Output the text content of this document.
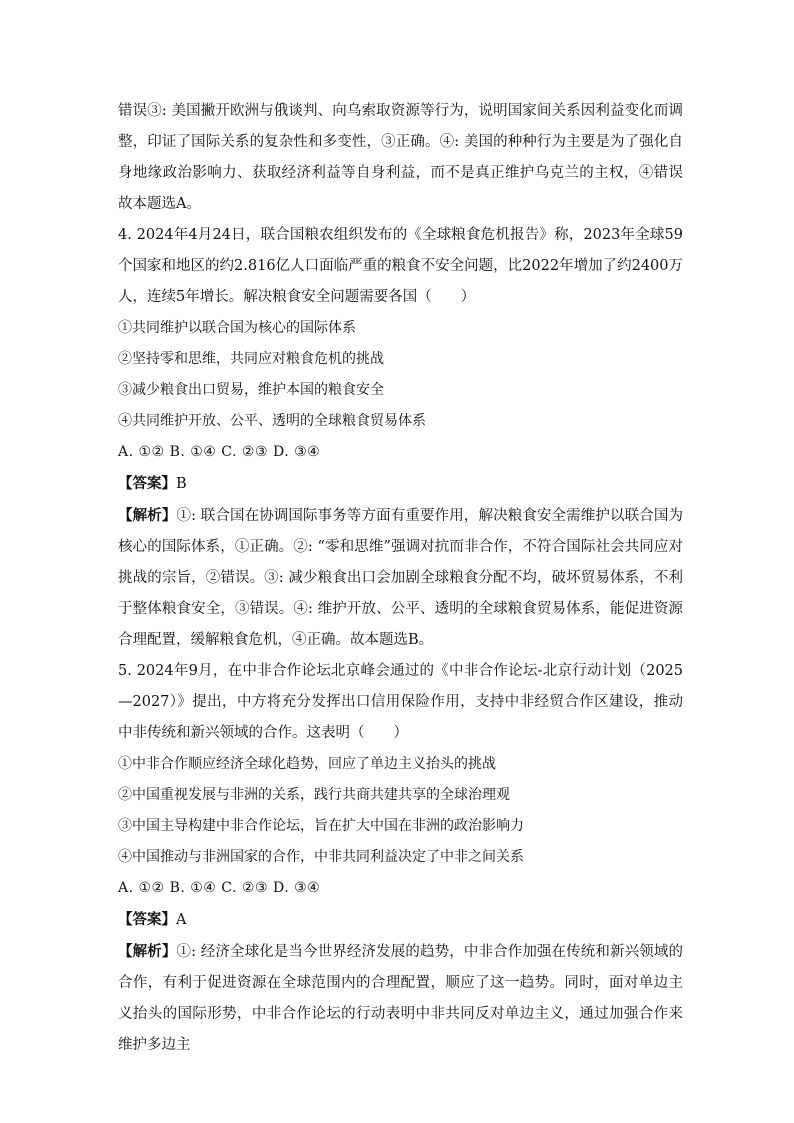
错误③: 美国撇开欧洲与俄谈判、向乌索取资源等行为，说明国家间关系因利益变化而调整，印证了国际关系的复杂性和多变性，③正确。④: 美国的种种行为主要是为了强化自身地缘政治影响力、获取经济利益等自身利益，而不是真正维护乌克兰的主权，④错误故本题选A。

4. 2024年4月24日，联合国粮农组织发布的《全球粮食危机报告》称，2023年全球59个国家和地区的约2.816亿人口面临严重的粮食不安全问题，比2022年增加了约2400万人，连续5年增长。解决粮食安全问题需要各国（　　）

①共同维护以联合国为核心的国际体系

②坚持零和思维，共同应对粮食危机的挑战

③减少粮食出口贸易，维护本国的粮食安全

④共同维护开放、公平、透明的全球粮食贸易体系

A. ①② B. ①④ C. ②③ D. ③④

【答案】B

【解析】①: 联合国在协调国际事务等方面有重要作用，解决粮食安全需维护以联合国为核心的国际体系，①正确。②: “零和思维”强调对抗而非合作，不符合国际社会共同应对挑战的宗旨，②错误。③: 减少粮食出口会加剧全球粮食分配不均，破坏贸易体系，不利于整体粮食安全，③错误。④: 维护开放、公平、透明的全球粮食贸易体系，能促进资源合理配置，缓解粮食危机，④正确。故本题选B。

5. 2024年9月，在中非合作论坛北京峰会通过的《中非合作论坛-北京行动计划（2025—2027）》提出，中方将充分发挥出口信用保险作用，支持中非经贸合作区建设，推动中非传统和新兴领域的合作。这表明（　　）

①中非合作顺应经济全球化趋势，回应了单边主义抬头的挑战

②中国重视发展与非洲的关系，践行共商共建共享的全球治理观

③中国主导构建中非合作论坛，旨在扩大中国在非洲的政治影响力

④中国推动与非洲国家的合作，中非共同利益决定了中非之间关系

A. ①② B. ①④ C. ②③ D. ③④

【答案】A

【解析】①: 经济全球化是当今世界经济发展的趋势，中非合作加强在传统和新兴领域的合作，有利于促进资源在全球范围内的合理配置，顺应了这一趋势。同时，面对单边主义抬头的国际形势，中非合作论坛的行动表明中非共同反对单边主义，通过加强合作来维护多边主
